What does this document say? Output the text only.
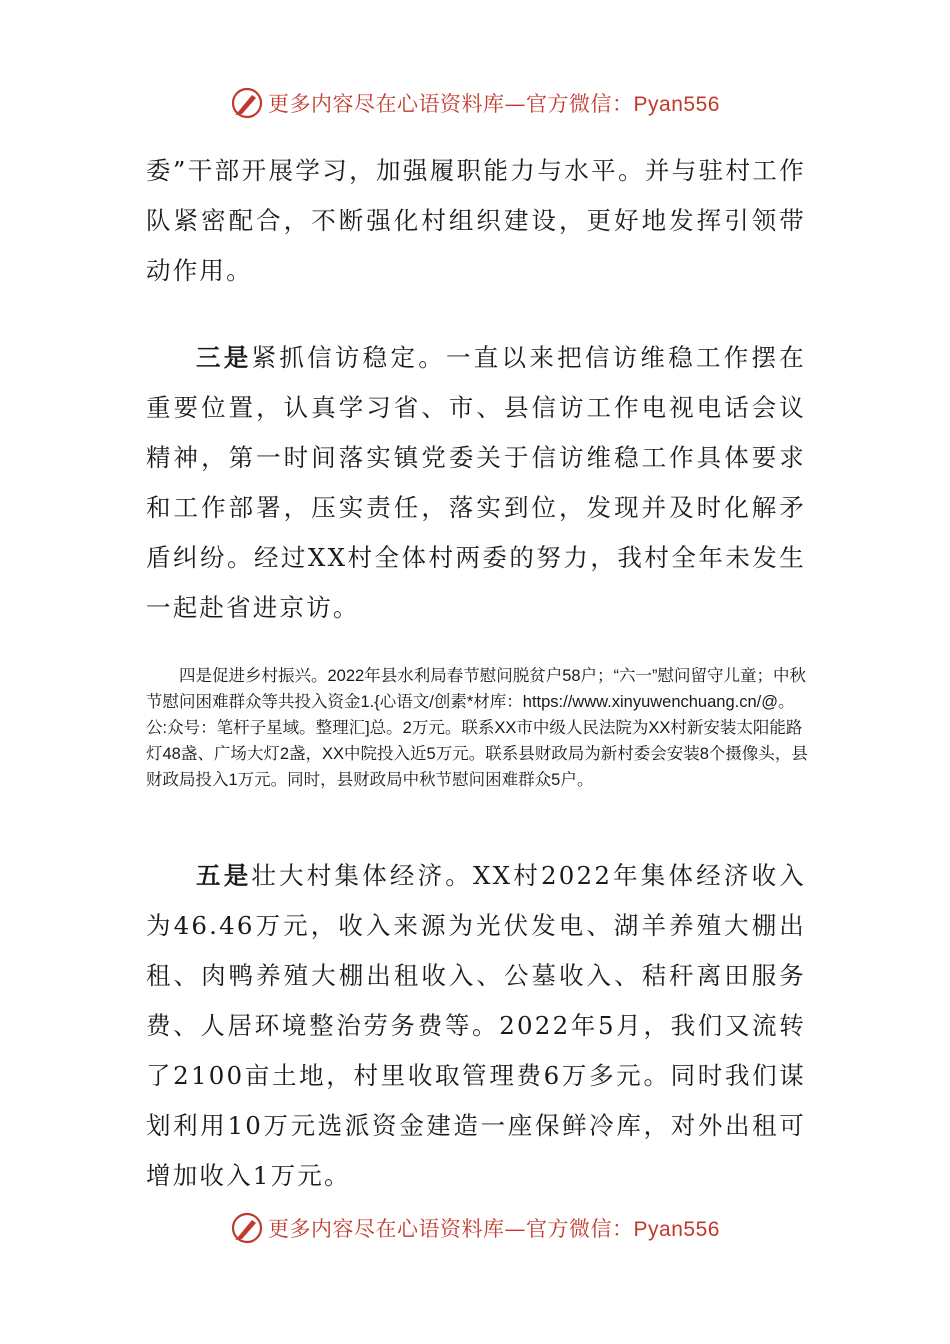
更多内容尽在心语资料库—官方微信：Pyan556

委”干部开展学习，加强履职能力与水平。并与驻村工作队紧密配合，不断强化村组织建设，更好地发挥引领带动作用。

三是紧抓信访稳定。一直以来把信访维稳工作摆在重要位置，认真学习省、市、县信访工作电视电话会议精神，第一时间落实镇党委关于信访维稳工作具体要求和工作部署，压实责任，落实到位，发现并及时化解矛盾纠纷。经过XX村全体村两委的努力，我村全年未发生一起赴省进京访。

四是促进乡村振兴。2022年县水利局春节慰问脱贫户58户；“六一”慰问留守儿童；中秋节慰问困难群众等共投入资金1.{心语文/创素*材库：https://www.xinyuwenchuang.cn/@。公:众号：笔杆子星域。整理汇]总。2万元。联系XX市中级人民法院为XX村新安装太阳能路灯48盏、广场大灯2盏，XX中院投入近5万元。联系县财政局为新村委会安装8个摄像头，县财政局投入1万元。同时，县财政局中秋节慰问困难群众5户。

五是壮大村集体经济。XX村2022年集体经济收入为46.46万元，收入来源为光伏发电、湖羊养殖大棚出租、肉鸭养殖大棚出租收入、公墓收入、秸秆离田服务费、人居环境整治劳务费等。2022年5月，我们又流转了2100亩土地，村里收取管理费6万多元。同时我们谋划利用10万元选派资金建造一座保鲜冷库，对外出租可增加收入1万元。

更多内容尽在心语资料库—官方微信：Pyan556
